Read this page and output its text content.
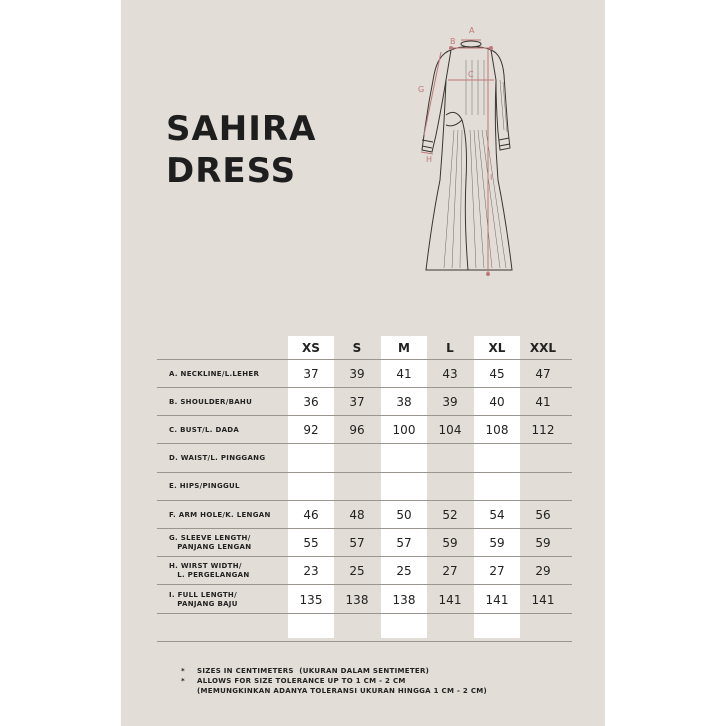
SAHIRA
DRESS
A
B
C
G
H
I
XS	S	M	L	XL	XXL
A. NECKLINE/L.LEHER	37	39	41	43	45	47
B. SHOULDER/BAHU	36	37	38	39	40	41
C. BUST/L. DADA	92	96	100	104	108	112
D. WAIST/L. PINGGANG
E. HIPS/PINGGUL
F. ARM HOLE/K. LENGAN	46	48	50	52	54	56
G. SLEEVE LENGTH/
PANJANG LENGAN	55	57	57	59	59	59
H. WIRST WIDTH/
L. PERGELANGAN	23	25	25	27	27	29
I. FULL LENGTH/
PANJANG BAJU	135	138	138	141	141	141
* SIZES IN CENTIMETERS  (UKURAN DALAM SENTIMETER)
* ALLOWS FOR SIZE TOLERANCE UP TO 1 CM - 2 CM
(MEMUNGKINKAN ADANYA TOLERANSI UKURAN HINGGA 1 CM - 2 CM)
